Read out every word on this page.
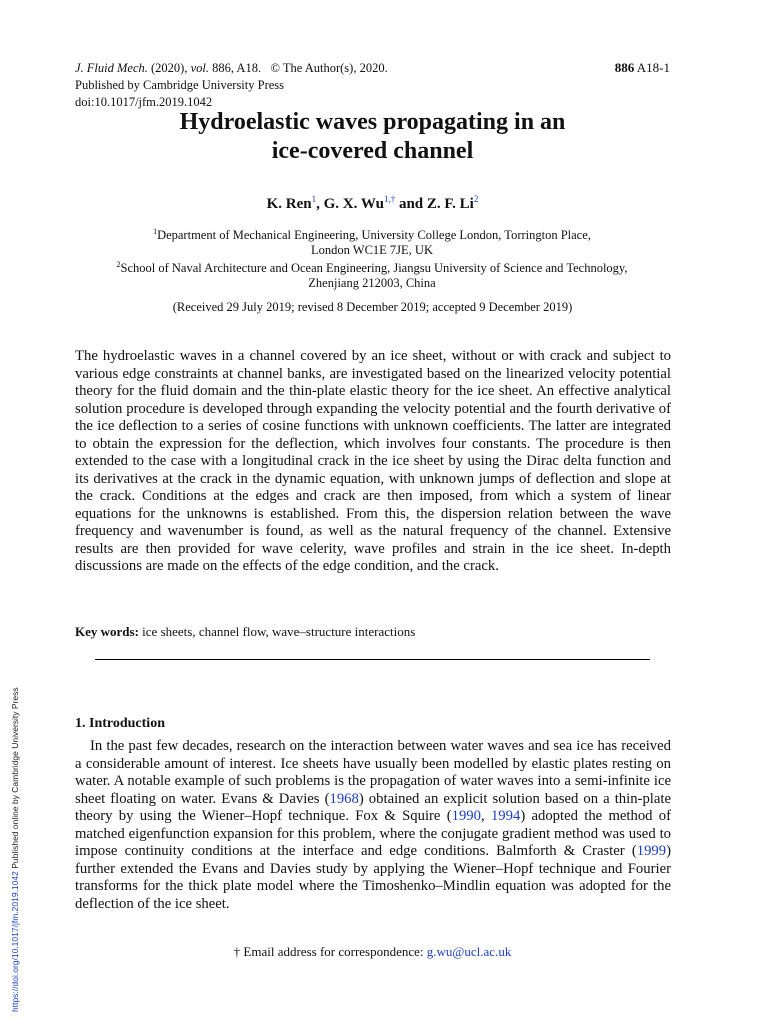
J. Fluid Mech. (2020), vol. 886, A18. © The Author(s), 2020.
Published by Cambridge University Press
doi:10.1017/jfm.2019.1042
886 A18-1
Hydroelastic waves propagating in an
ice-covered channel
K. Ren$^1$, G. X. $Wu^{1,\dagger}$ and Z. F. Li$^2$
$^1$Department of Mechanical Engineering, University College London, Torrington Place,
London WC1E 7JE, UK
$^2$School of Naval Architecture and Ocean Engineering, Jiangsu University of Science and Technology,
Zhenjiang 212003, China
(Received 29 July 2019; revised 8 December 2019; accepted 9 December 2019)
The hydroelastic waves in a channel covered by an ice sheet, without or with crack and subject to various edge constraints at channel banks, are investigated based on the linearized velocity potential theory for the fluid domain and the thin-plate elastic theory for the ice sheet. An effective analytical solution procedure is developed through expanding the velocity potential and the fourth derivative of the ice deflection to a series of cosine functions with unknown coefficients. The latter are integrated to obtain the expression for the deflection, which involves four constants. The procedure is then extended to the case with a longitudinal crack in the ice sheet by using the Dirac delta function and its derivatives at the crack in the dynamic equation, with unknown jumps of deflection and slope at the crack. Conditions at the edges and crack are then imposed, from which a system of linear equations for the unknowns is established. From this, the dispersion relation between the wave frequency and wavenumber is found, as well as the natural frequency of the channel. Extensive results are then provided for wave celerity, wave profiles and strain in the ice sheet. In-depth discussions are made on the effects of the edge condition, and the crack.
Key words: ice sheets, channel flow, wave–structure interactions
1. Introduction
In the past few decades, research on the interaction between water waves and sea ice has received a considerable amount of interest. Ice sheets have usually been modelled by elastic plates resting on water. A notable example of such problems is the propagation of water waves into a semi-infinite ice sheet floating on water. Evans & Davies (1968) obtained an explicit solution based on a thin-plate theory by using the Wiener–Hopf technique. Fox & Squire (1990, 1994) adopted the method of matched eigenfunction expansion for this problem, where the conjugate gradient method was used to impose continuity conditions at the interface and edge conditions. Balmforth & Craster (1999) further extended the Evans and Davies study by applying the Wiener–Hopf technique and Fourier transforms for the thick plate model where the Timoshenko–Mindlin equation was adopted for the deflection of the ice sheet.
† Email address for correspondence: g.wu@ucl.ac.uk
https://doi.org/10.1017/jfm.2019.1042 Published online by Cambridge University Press
